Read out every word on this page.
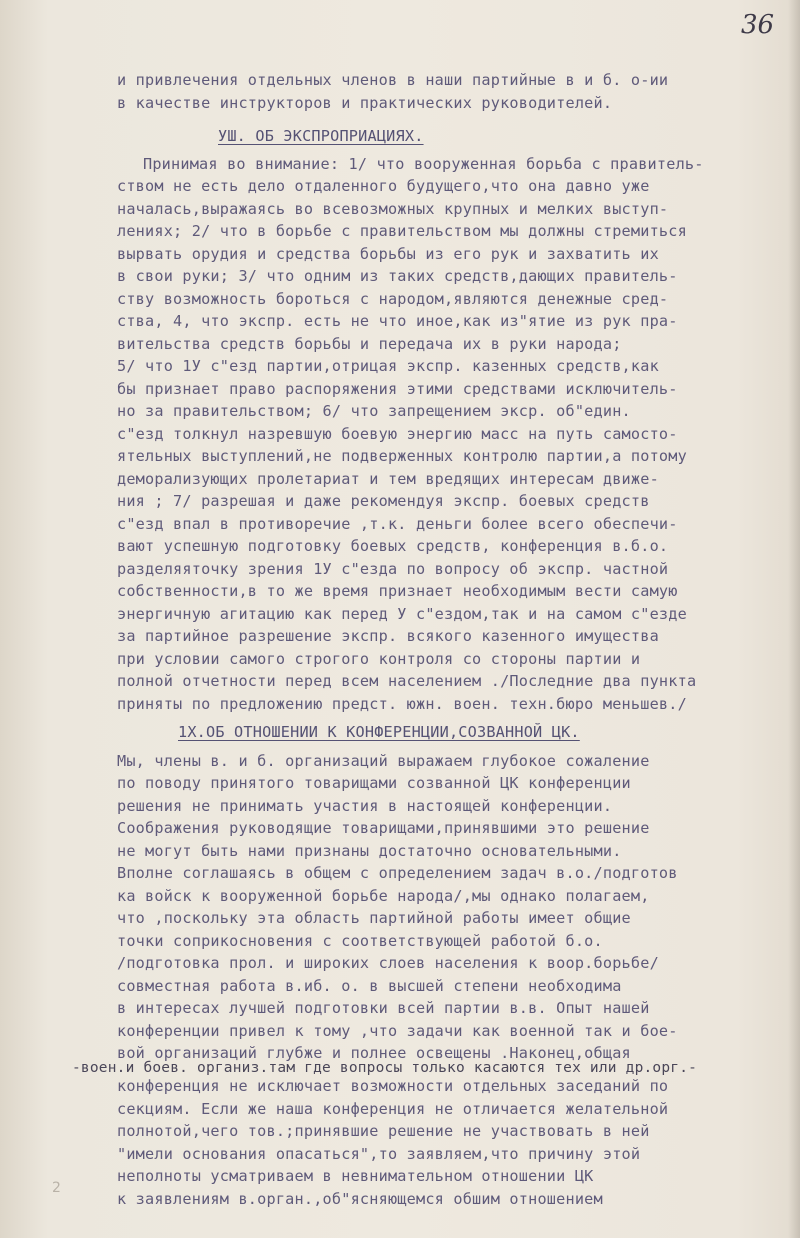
36
2
и привлечения отдельных членов в наши партийные в и б. о-ии
в качестве инструкторов и практических руководителей.
УШ. ОБ ЭКСПРОПРИАЦИЯХ.
Принимая во внимание: 1/ что вооруженная борьба с правитель-
ством не есть дело отдаленного будущего,что она давно уже
началась,выражаясь во всевозможных крупных и мелких выступ-
лениях; 2/ что в борьбе с правительством мы должны стремиться
вырвать орудия и средства борьбы из его рук и захватить их
в свои руки; 3/ что одним из таких средств,дающих правитель-
ству возможность бороться с народом,являются денежные сред-
ства, 4, что экспр. есть не что иное,как из"ятие из рук пра-
вительства средств борьбы и передача их в руки народа;
5/ что 1У с"езд партии,отрицая экспр. казенных средств,как
бы признает право распоряжения этими средствами исключитель-
но за правительством; 6/ что запрещением экср. об"един.
с"езд толкнул назревшую боевую энергию масс на путь самосто-
ятельных выступлений,не подверженных контролю партии,а потому
деморализующих пролетариат и тем вредящих интересам движе-
ния ; 7/ разрешая и даже рекомендуя экспр. боевых средств
с"езд впал в противоречие ,т.к. деньги более всего обеспечи-
вают успешную подготовку боевых средств, конференция в.б.о.
разделяяточку зрения 1У с"езда по вопросу об экспр. частной
собственности,в то же время признает необходимым вести самую
энергичную агитацию как перед У с"ездом,так и на самом с"езде
за партийное разрешение экспр. всякого казенного имущества
при условии самого строгого контроля со стороны партии и
полной отчетности перед всем населением ./Последние два пункта
приняты по предложению предст. южн. воен. техн.бюро меньшев./
1Х.ОБ ОТНОШЕНИИ К КОНФЕРЕНЦИИ,СОЗВАННОЙ ЦК.
Мы, члены в. и б. организаций выражаем глубокое сожаление
по поводу принятого товарищами созванной ЦК конференции
решения не принимать участия в настоящей конференции.
Соображения руководящие товарищами,принявшими это решение
не могут быть нами признаны достаточно основательными.
Вполне соглашаясь в общем с определением задач в.о./подготов
ка войск к вооруженной борьбе народа/,мы однако полагаем,
что ,поскольку эта область партийной работы имеет общие
точки соприкосновения с соответствующей работой б.о.
/подготовка прол. и широких слоев населения к воор.борьбе/
совместная работа в.иб. о. в высшей степени необходима
в интересах лучшей подготовки всей партии в.в. Опыт нашей
конференции привел к тому ,что задачи как военной так и бое-
вой организаций глубже и полнее освещены .Наконец,общая
-воен.и боев. организ.там где вопросы только касаются тех или др.орг.-
конференция не исключает возможности отдельных заседаний по
секциям. Если же наша конференция не отличается желательной
полнотой,чего тов.;принявшие решение не участвовать в ней
"имели основания опасаться",то заявляем,что причину этой
неполноты усматриваем в невнимательном отношении ЦК
к заявлениям в.орган.,об"ясняющемся обшим отношением
